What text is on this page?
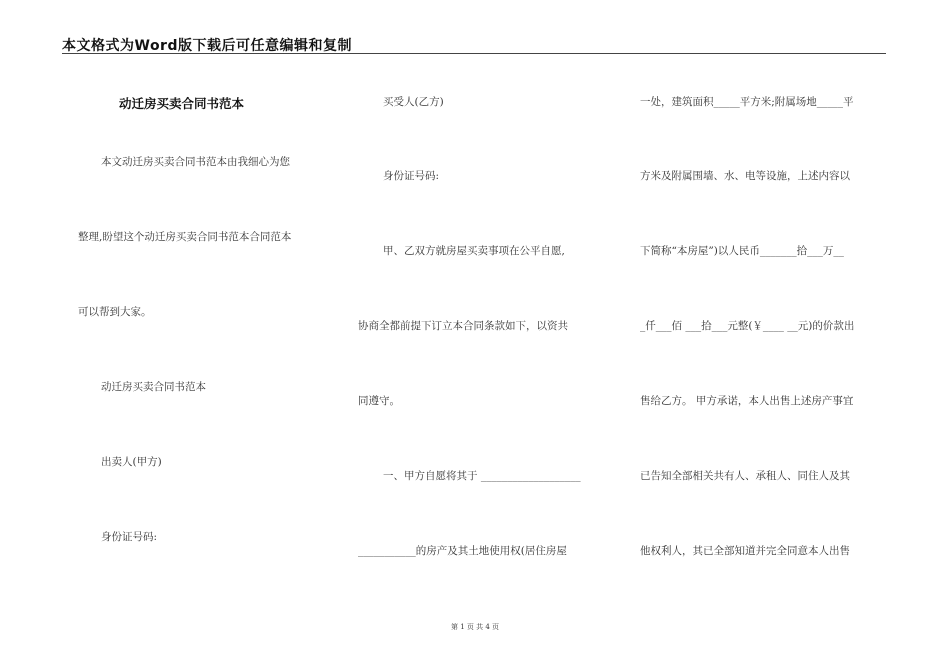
本文格式为Word版下载后可任意编辑和复制
动迁房买卖合同书范本
本文动迁房买卖合同书范本由我细心为您
整理,盼望这个动迁房买卖合同书范本合同范本
可以帮到大家。
动迁房买卖合同书范本
出卖人(甲方)
身份证号码:
买受人(乙方)
身份证号码:
甲、乙双方就房屋买卖事项在公平自愿,
协商全都前提下订立本合同条款如下，以资共
同遵守。
一、甲方自愿将其于 ___________________
___________的房产及其土地使用权(居住房屋
一处，建筑面积_____平方米;附属场地_____平
方米及附属围墙、水、电等设施，上述内容以
下简称“本房屋”)以人民币_______拾___万__
_仟___佰 ___拾___元整(￥____ __元)的价款出
售给乙方。 甲方承诺，本人出售上述房产事宜
已告知全部相关共有人、承租人、同住人及其
他权利人，其已全部知道并完全同意本人出售
第 1 页 共 4 页
